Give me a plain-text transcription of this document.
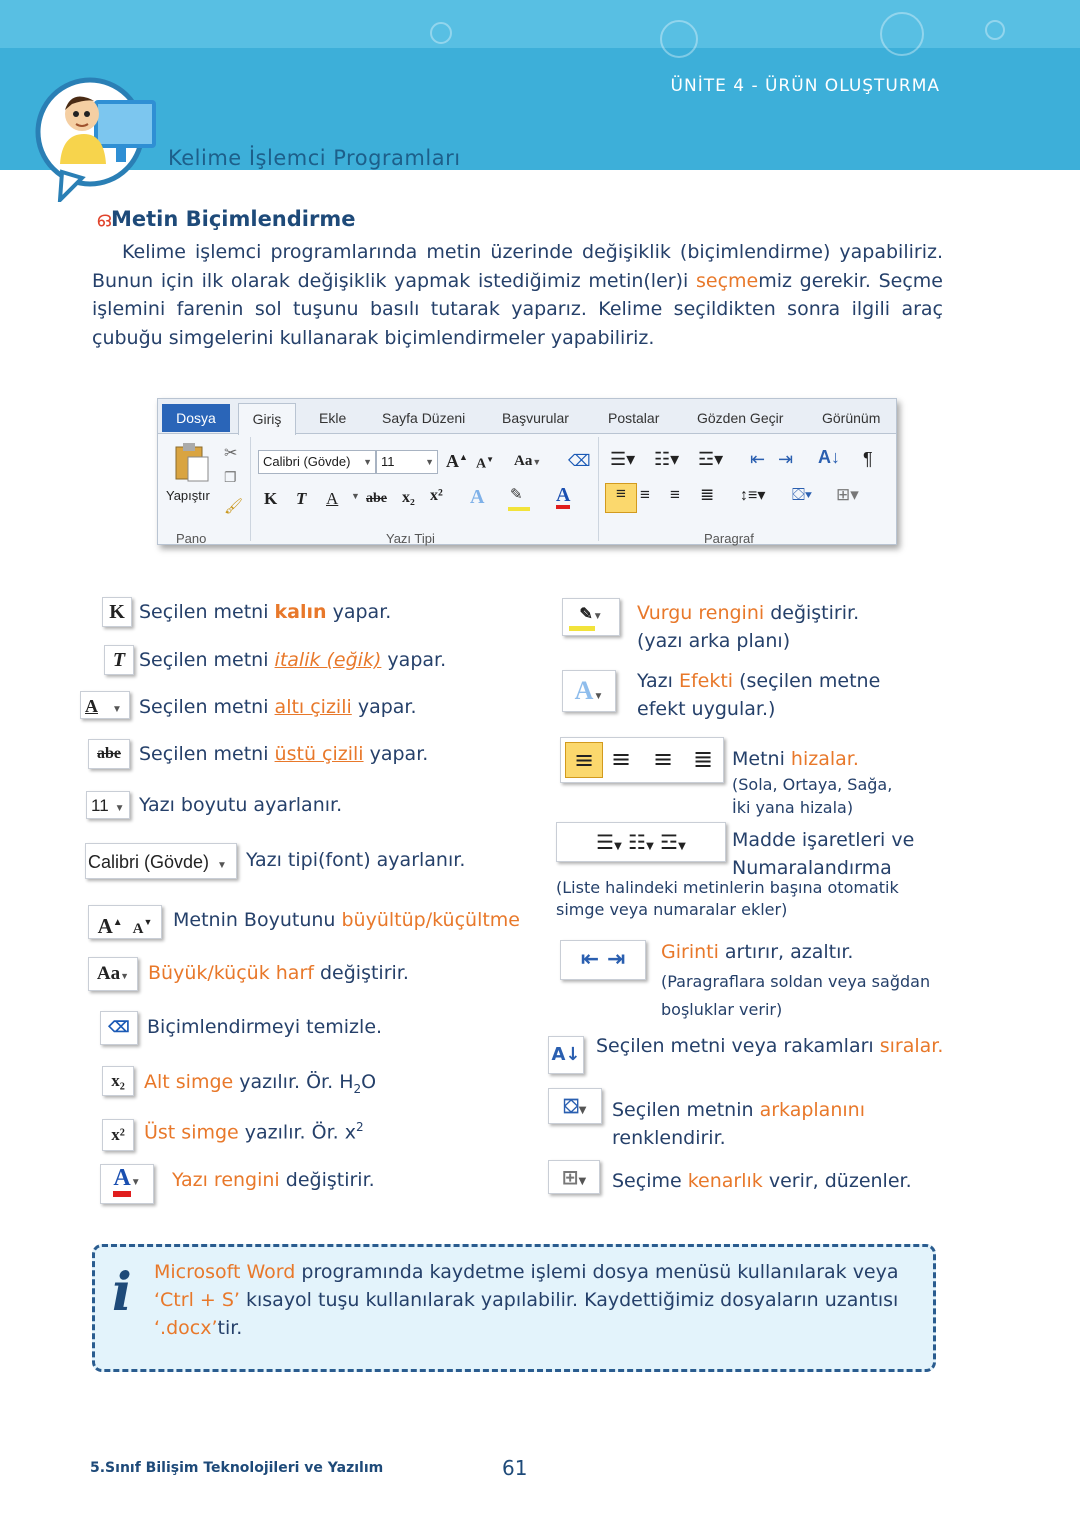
ÜNİTE 4 - ÜRÜN OLUŞTURMA
Kelime İşlemci Programları
ഒMetin Biçimlendirme
Kelime işlemci programlarında metin üzerinde değişiklik (biçimlendirme) yapabiliriz. Bunun için ilk olarak değişiklik yapmak istediğimiz metin(ler)i seçmemiz gerekir. Seçme işlemini farenin sol tuşunu basılı tutarak yaparız. Kelime seçildikten sonra ilgili araç çubuğu simgelerini kullanarak biçimlendirmeler yapabiliriz.
Dosya	Giriş	Ekle	Sayfa Düzeni	Başvurular	Postalar	Gözden Geçir	Görünüm
Yapıştır
✂
❐
🖌
Pano
Calibri (Gövde) ▼ 11	▼ A▲ A▼ Aa▼ ⌫
K T A ▼ abe x₂ x² A ✎ A
Yazı Tipi
☰▾ ☷▾ ☲▾ ⇤ ⇥ A↓ ¶
≡ ≡ ≡ ≣ ↕≡▾ ⛋▾ ⊞▾
Paragraf
K Seçilen metni kalın yapar.
T Seçilen metni italik (eğik) yapar.
A ▼ Seçilen metni altı çizili yapar.
abe Seçilen metni üstü çizili yapar.
11 ▼ Yazı boyutu ayarlanır.
Calibri (Gövde) ▼	Yazı tipi(font) ayarlanır.
A▲ A▼	Metnin Boyutunu büyültüp/küçültme
Aa▼ Büyük/küçük harf değiştirir.
⌫ Biçimlendirmeyi temizle.
x₂	Alt simge yazılır. Ör. $H_2O$
x²	Üst simge yazılır. Ör. $x^2$
A▼	Yazı rengini değiştirir.
✎▼	Vurgu rengini değiştirir.
(yazı arka planı)
A▼
Yazı Efekti (seçilen metne
efekt uygular.)
≡ ≡ ≡ ≣ Metni hizalar.
(Sola, Ortaya, Sağa,
İki yana hizala)
☰▼ ☷▼ ☲▼	Madde işaretleri ve
Numaralandırma
(Liste halindeki metinlerin başına otomatik
simge veya numaralar ekler)
⇤ ⇥	Girinti artırır, azaltır.
(Paragraflara soldan veya sağdan
boşluklar verir)
A↓ Seçilen metni veya rakamları sıralar.
⛋▼	Seçilen metnin arkaplanını
renklendirir.
⊞▼	Seçime kenarlık verir, düzenler.
i Microsoft Word programında kaydetme işlemi dosya menüsü kullanılarak veya
‘Ctrl + S’ kısayol tuşu kullanılarak yapılabilir. Kaydettiğimiz dosyaların uzantısı
‘.docx’tir.
5.Sınıf Bilişim Teknolojileri ve Yazılım	61
